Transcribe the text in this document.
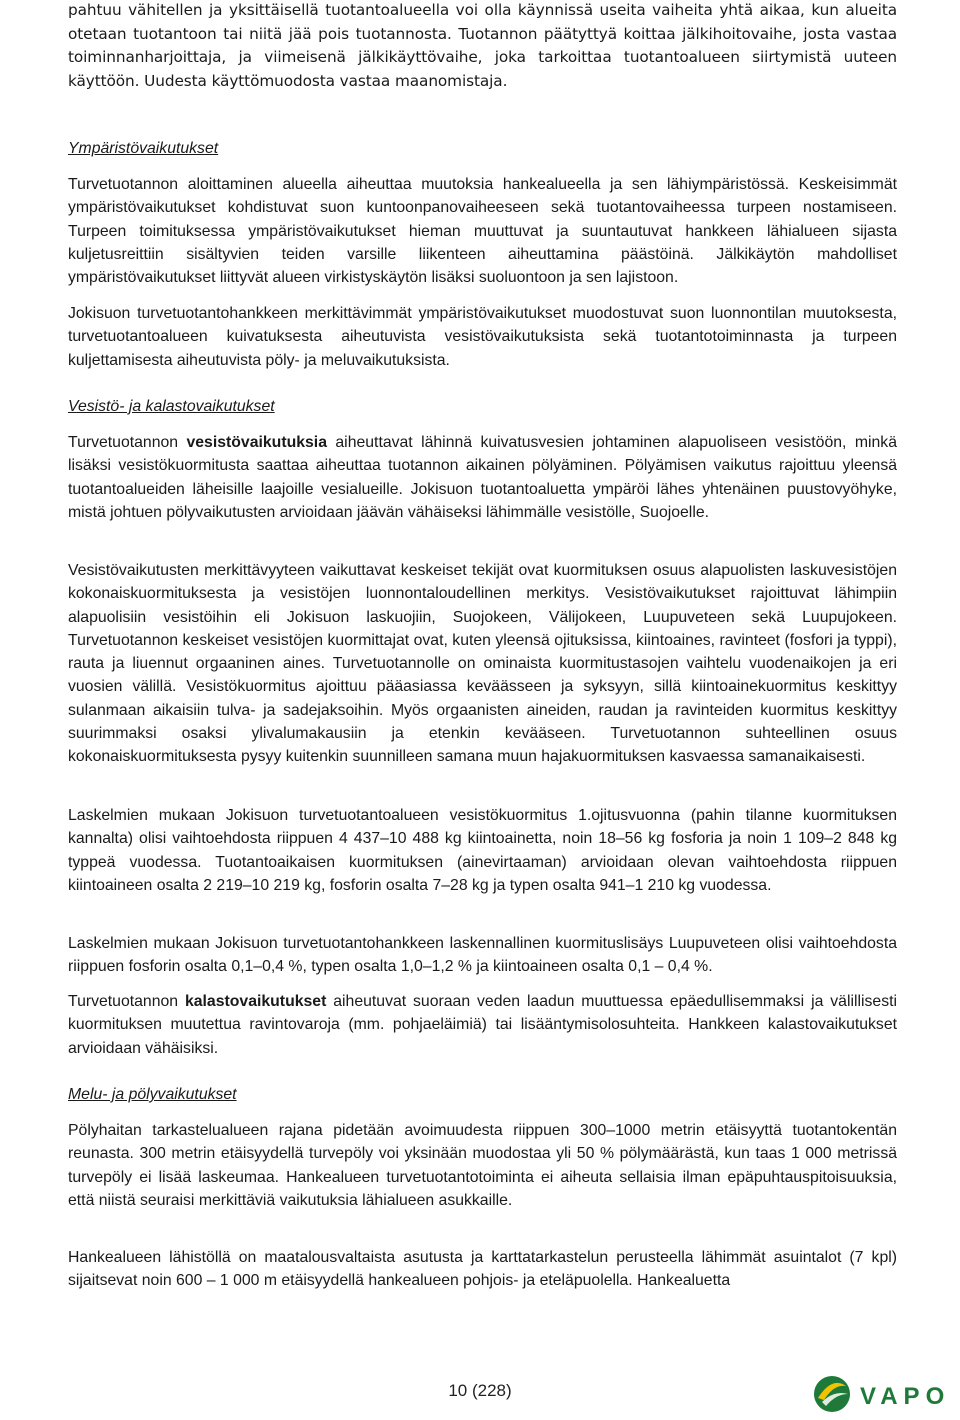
pahtuu vähitellen ja yksittäisellä tuotantoalueella voi olla käynnissä useita vaiheita yhtä aikaa, kun alueita otetaan tuotantoon tai niitä jää pois tuotannosta. Tuotannon päätyttyä koittaa jälkihoitovaihe, josta vastaa toiminnanharjoittaja, ja viimeisenä jälkikäyttövaihe, joka tarkoittaa tuotantoalueen siirtymistä uuteen käyttöön. Uudesta käyttömuodosta vastaa maanomistaja.

Ympäristövaikutukset

Turvetuotannon aloittaminen alueella aiheuttaa muutoksia hankealueella ja sen lähiympäristössä. Keskeisimmät ympäristövaikutukset kohdistuvat suon kuntoonpanovaiheeseen sekä tuotantovaiheessa turpeen nostamiseen. Turpeen toimituksessa ympäristövaikutukset hieman muuttuvat ja suuntautuvat hankkeen lähialueen sijasta kuljetusreittiin sisältyvien teiden varsille liikenteen aiheuttamina päästöinä. Jälkikäytön mahdolliset ympäristövaikutukset liittyvät alueen virkistyskäytön lisäksi suoluontoon ja sen lajistoon.

Jokisuon turvetuotantohankkeen merkittävimmät ympäristövaikutukset muodostuvat suon luonnontilan muutoksesta, turvetuotantoalueen kuivatuksesta aiheutuvista vesistövaikutuksista sekä tuotantotoiminnasta ja turpeen kuljettamisesta aiheutuvista pöly- ja meluvaikutuksista.

Vesistö- ja kalastovaikutukset

Turvetuotannon vesistövaikutuksia aiheuttavat lähinnä kuivatusvesien johtaminen alapuoliseen vesistöön, minkä lisäksi vesistökuormitusta saattaa aiheuttaa tuotannon aikainen pölyäminen. Pölyämisen vaikutus rajoittuu yleensä tuotantoalueiden läheisille laajoille vesialueille. Jokisuon tuotantoaluetta ympäröi lähes yhtenäinen puustovyöhyke, mistä johtuen pölyvaikutusten arvioidaan jäävän vähäiseksi lähimmälle vesistölle, Suojoelle.

Vesistövaikutusten merkittävyyteen vaikuttavat keskeiset tekijät ovat kuormituksen osuus alapuolisten laskuvesistöjen kokonaiskuormituksesta ja vesistöjen luonnontaloudellinen merkitys. Vesistövaikutukset rajoittuvat lähimpiin alapuolisiin vesistöihin eli Jokisuon laskuojiin, Suojokeen, Välijokeen, Luupuveteen sekä Luupujokeen. Turvetuotannon keskeiset vesistöjen kuormittajat ovat, kuten yleensä ojituksissa, kiintoaines, ravinteet (fosfori ja typpi), rauta ja liuennut orgaaninen aines. Turvetuotannolle on ominaista kuormitustasojen vaihtelu vuodenaikojen ja eri vuosien välillä. Vesistökuormitus ajoittuu pääasiassa keväässeen ja syksyyn, sillä kiintoainekuormitus keskittyy sulanmaan aikaisiin tulva- ja sadejaksoihin. Myös orgaanisten aineiden, raudan ja ravinteiden kuormitus keskittyy suurimmaksi osaksi ylivalumakausiin ja etenkin kevääseen. Turvetuotannon suhteellinen osuus kokonaiskuormituksesta pysyy kuitenkin suunnilleen samana muun hajakuormituksen kasvaessa samanaikaisesti.

Laskelmien mukaan Jokisuon turvetuotantoalueen vesistökuormitus 1.ojitusvuonna (pahin tilanne kuormituksen kannalta) olisi vaihtoehdosta riippuen 4 437–10 488 kg kiintoainetta, noin 18–56 kg fosforia ja noin 1 109–2 848 kg typpeä vuodessa. Tuotantoaikaisen kuormituksen (ainevirtaaman) arvioidaan olevan vaihtoehdosta riippuen kiintoaineen osalta 2 219–10 219 kg, fosforin osalta 7–28 kg ja typen osalta 941–1 210 kg vuodessa.

Laskelmien mukaan Jokisuon turvetuotantohankkeen laskennallinen kuormituslisäys Luupuveteen olisi vaihtoehdosta riippuen fosforin osalta 0,1–0,4 %, typen osalta 1,0–1,2 % ja kiintoaineen osalta 0,1 – 0,4 %.

Turvetuotannon kalastovaikutukset aiheutuvat suoraan veden laadun muuttuessa epäedullisemmaksi ja välillisesti kuormituksen muutettua ravintovaroja (mm. pohjaeläimiä) tai lisääntymisolosuhteita. Hankkeen kalastovaikutukset arvioidaan vähäisiksi.

Melu- ja pölyvaikutukset

Pölyhaitan tarkastelualueen rajana pidetään avoimuudesta riippuen 300–1000 metrin etäisyyttä tuotantokentän reunasta. 300 metrin etäisyydellä turvepöly voi yksinään muodostaa yli 50 % pölymäärästä, kun taas 1 000 metrissä turvepöly ei lisää laskeumaa. Hankealueen turvetuotantotoiminta ei aiheuta sellaisia ilman epäpuhtauspitoisuuksia, että niistä seuraisi merkittäviä vaikutuksia lähialueen asukkaille.

Hankealueen lähistöllä on maatalousvaltaista asutusta ja karttatarkastelun perusteella lähimmät asuintalot (7 kpl) sijaitsevat noin 600 – 1 000 m etäisyydellä hankealueen pohjois- ja eteläpuolella. Hankealuetta

10 (228)	VAPO
